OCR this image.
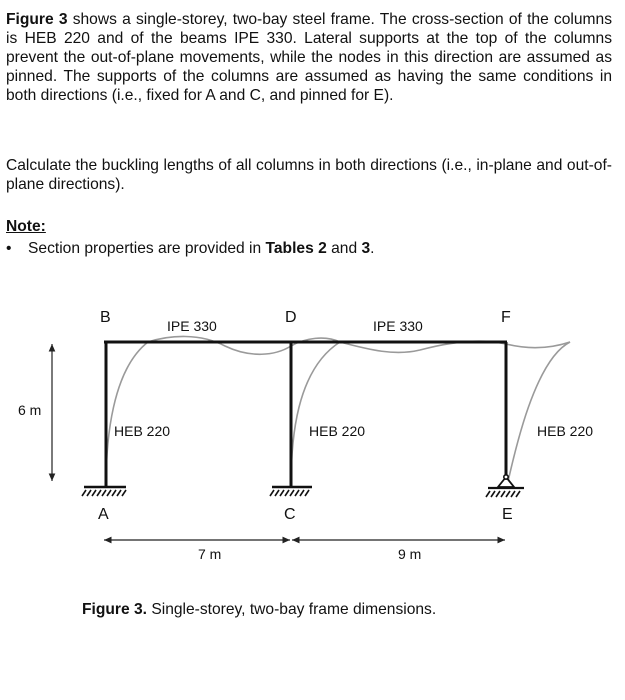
Figure 3 shows a single-storey, two-bay steel frame. The cross-section of the columns is HEB 220 and of the beams IPE 330. Lateral supports at the top of the columns prevent the out-of-plane movements, while the nodes in this direction are assumed as pinned. The supports of the columns are assumed as having the same conditions in both directions (i.e., fixed for A and C, and pinned for E).

Calculate the buckling lengths of all columns in both directions (i.e., in-plane and out-of-plane directions).

Note:

• Section properties are provided in Tables 2 and 3.

B	D	F
A	C	E
IPE 330	IPE 330
HEB 220	HEB 220	HEB 220
6 m
7 m	9 m

Figure 3. Single-storey, two-bay frame dimensions.
